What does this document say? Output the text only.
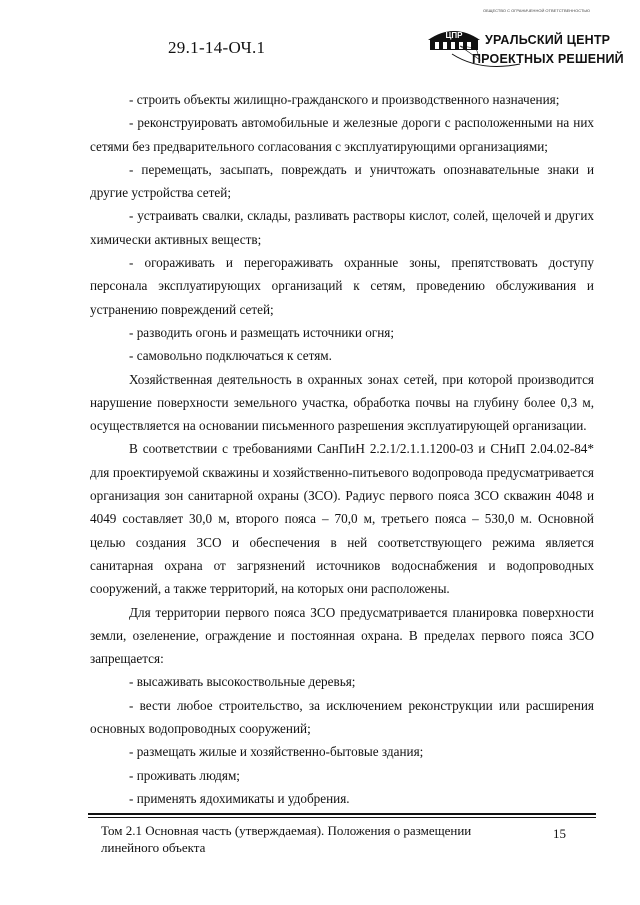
29.1-14-ОЧ.1
ОБЩЕСТВО С ОГРАНИЧЕННОЙ ОТВЕТСТВЕННОСТЬЮ
ЦПР УРАЛЬСКИЙ ЦЕНТР
ПРОЕКТНЫХ РЕШЕНИЙ

- строить объекты жилищно-гражданского и производственного назначения;

- реконструировать автомобильные и железные дороги с расположенными на них сетями без предварительного согласования с эксплуатирующими организациями;

- перемещать, засыпать, повреждать и уничтожать опознавательные знаки и другие устройства сетей;

- устраивать свалки, склады, разливать растворы кислот, солей, щелочей и других химически активных веществ;

- огораживать и перегораживать охранные зоны, препятствовать доступу персонала эксплуатирующих организаций к сетям, проведению обслуживания и устранению повреждений сетей;

- разводить огонь и размещать источники огня;

- самовольно подключаться к сетям.

Хозяйственная деятельность в охранных зонах сетей, при которой производится нарушение поверхности земельного участка, обработка почвы на глубину более 0,3 м, осуществляется на основании письменного разрешения эксплуатирующей организации.

В соответствии с требованиями СанПиН 2.2.1/2.1.1.1200-03 и СНиП 2.04.02-84* для проектируемой скважины и хозяйственно-питьевого водопровода предусматривается организация зон санитарной охраны (ЗСО). Радиус первого пояса ЗСО скважин 4048 и 4049 составляет 30,0 м, второго пояса – 70,0 м, третьего пояса – 530,0 м. Основной целью создания ЗСО и обеспечения в ней соответствующего режима является санитарная охрана от загрязнений источников водоснабжения и водопроводных сооружений, а также территорий, на которых они расположены.

Для территории первого пояса ЗСО предусматривается планировка поверхности земли, озеленение, ограждение и постоянная охрана. В пределах первого пояса ЗСО запрещается:

- высаживать высокоствольные деревья;

- вести любое строительство, за исключением реконструкции или расширения основных водопроводных сооружений;

- размещать жилые и хозяйственно-бытовые здания;

- проживать людям;

- применять ядохимикаты и удобрения.

Том 2.1 Основная часть (утверждаемая). Положения о размещении линейного объекта
15
